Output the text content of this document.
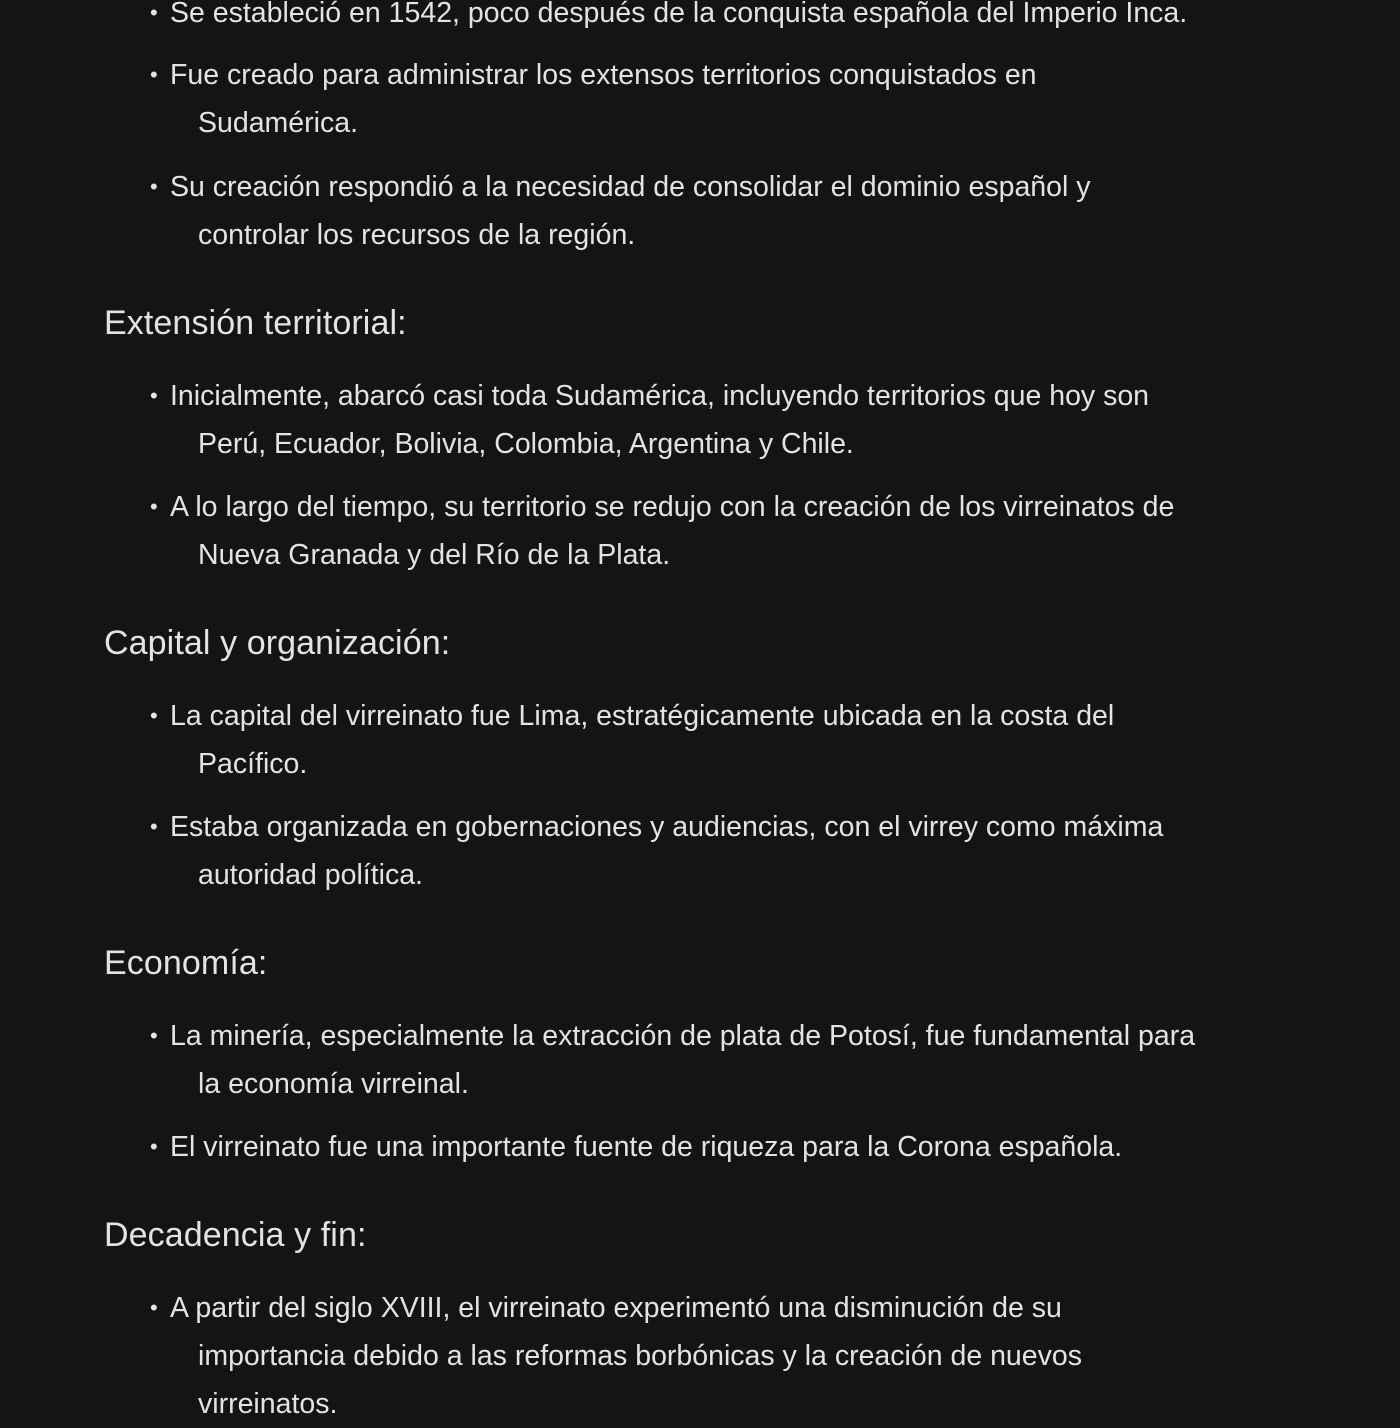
• Se estableció en 1542, poco después de la conquista española del Imperio Inca.
• Fue creado para administrar los extensos territorios conquistados en
Sudamérica.
• Su creación respondió a la necesidad de consolidar el dominio español y
controlar los recursos de la región.
Extensión territorial:
• Inicialmente, abarcó casi toda Sudamérica, incluyendo territorios que hoy son
Perú, Ecuador, Bolivia, Colombia, Argentina y Chile.
• A lo largo del tiempo, su territorio se redujo con la creación de los virreinatos de
Nueva Granada y del Río de la Plata.
Capital y organización:
• La capital del virreinato fue Lima, estratégicamente ubicada en la costa del
Pacífico.
• Estaba organizada en gobernaciones y audiencias, con el virrey como máxima
autoridad política.
Economía:
• La minería, especialmente la extracción de plata de Potosí, fue fundamental para
la economía virreinal.
• El virreinato fue una importante fuente de riqueza para la Corona española.
Decadencia y fin:
• A partir del siglo XVIII, el virreinato experimentó una disminución de su
importancia debido a las reformas borbónicas y la creación de nuevos
virreinatos.
